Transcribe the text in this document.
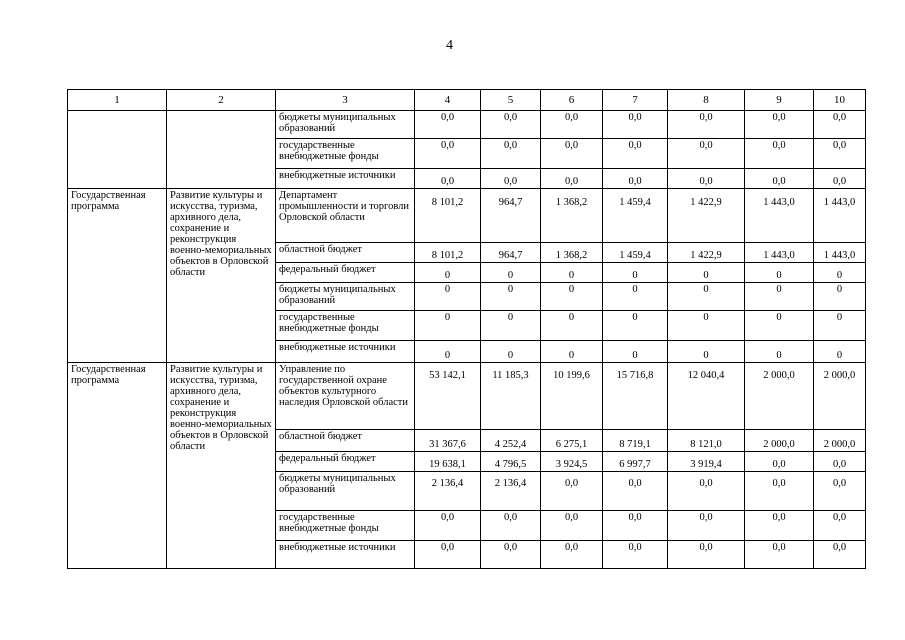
4
1	2	3	4	5	6	7	8	9	10
		бюджеты муниципальных образований	0,0	0,0	0,0	0,0	0,0	0,0	0,0
		государственные внебюджетные фонды	0,0	0,0	0,0	0,0	0,0	0,0	0,0
		внебюджетные источники	0,0	0,0	0,0	0,0	0,0	0,0	0,0
Государственная программа	Развитие культуры и искусства, туризма, архивного дела, сохранение и реконструкция военно-мемориальных объектов в Орловской области	Департамент промышленности и торговли Орловской области	8 101,2	964,7	1 368,2	1 459,4	1 422,9	1 443,0	1 443,0
		областной бюджет	8 101,2	964,7	1 368,2	1 459,4	1 422,9	1 443,0	1 443,0
		федеральный бюджет	0	0	0	0	0	0	0
		бюджеты муниципальных образований	0	0	0	0	0	0	0
		государственные внебюджетные фонды	0	0	0	0	0	0	0
		внебюджетные источники	0	0	0	0	0	0	0
Государственная программа	Развитие культуры и искусства, туризма, архивного дела, сохранение и реконструкция военно-мемориальных объектов в Орловской области	Управление по государственной охране объектов культурного наследия Орловской области	53 142,1	11 185,3	10 199,6	15 716,8	12 040,4	2 000,0	2 000,0
		областной бюджет	31 367,6	4 252,4	6 275,1	8 719,1	8 121,0	2 000,0	2 000,0
		федеральный бюджет	19 638,1	4 796,5	3 924,5	6 997,7	3 919,4	0,0	0,0
		бюджеты муниципальных образований	2 136,4	2 136,4	0,0	0,0	0,0	0,0	0,0
		государственные внебюджетные фонды	0,0	0,0	0,0	0,0	0,0	0,0	0,0
		внебюджетные источники	0,0	0,0	0,0	0,0	0,0	0,0	0,0
